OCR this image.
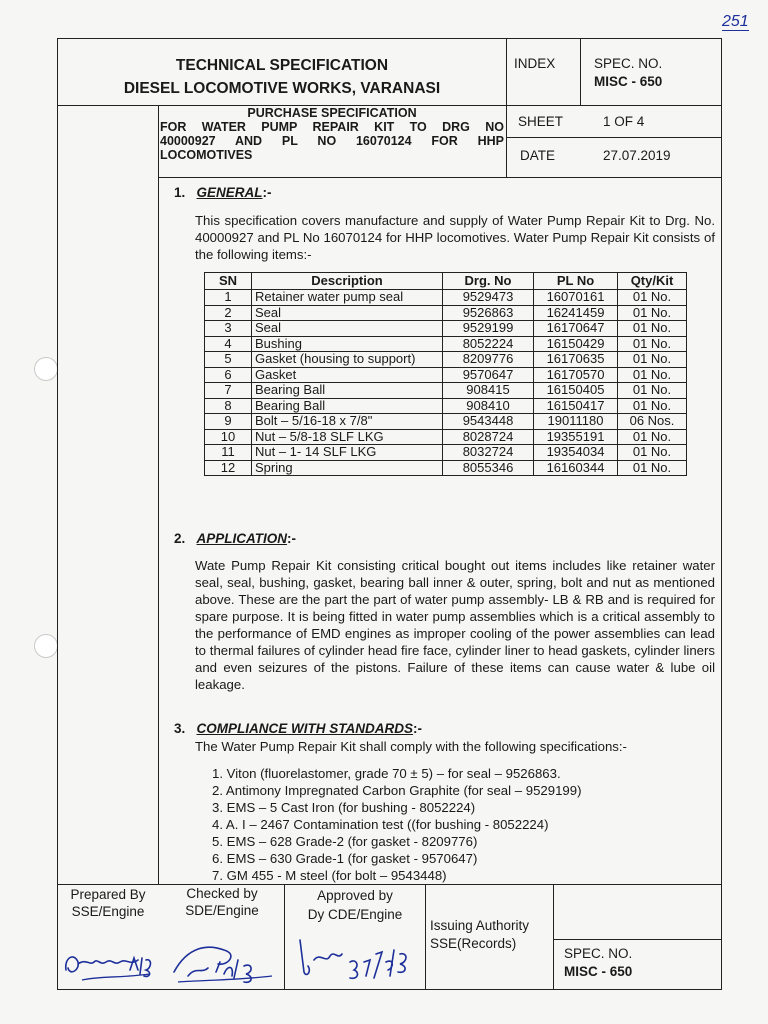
251
TECHNICAL SPECIFICATION
DIESEL LOCOMOTIVE WORKS, VARANASI
INDEX	SPEC. NO.
MISC - 650
PURCHASE SPECIFICATION
FOR WATER PUMP REPAIR KIT TO DRG NO
40000927 AND PL NO 16070124 FOR HHP
LOCOMOTIVES
SHEET	1 OF 4
DATE	27.07.2019
1. GENERAL:-
This specification covers manufacture and supply of Water Pump Repair Kit to Drg. No. 40000927 and PL No 16070124 for HHP locomotives. Water Pump Repair Kit consists of the following items:-
SN	Description	Drg. No	PL No	Qty/Kit
1	Retainer water pump seal	9529473	16070161	01 No.
2	Seal	9526863	16241459	01 No.
3	Seal	9529199	16170647	01 No.
4	Bushing	8052224	16150429	01 No.
5	Gasket (housing to support)	8209776	16170635	01 No.
6	Gasket	9570647	16170570	01 No.
7	Bearing Ball	908415	16150405	01 No.
8	Bearing Ball	908410	16150417	01 No.
9	Bolt – 5/16-18 x 7/8"	9543448	19011180	06 Nos.
10	Nut – 5/8-18 SLF LKG	8028724	19355191	01 No.
11	Nut – 1- 14 SLF LKG	8032724	19354034	01 No.
12	Spring	8055346	16160344	01 No.
2. APPLICATION:-
Wate Pump Repair Kit consisting critical bought out items includes like retainer water seal, seal, bushing, gasket, bearing ball inner & outer, spring, bolt and nut as mentioned above. These are the part the part of water pump assembly- LB & RB and is required for spare purpose. It is being fitted in water pump assemblies which is a critical assembly to the performance of EMD engines as improper cooling of the power assemblies can lead to thermal failures of cylinder head fire face, cylinder liner to head gaskets, cylinder liners and even seizures of the pistons. Failure of these items can cause water & lube oil leakage.
3. COMPLIANCE WITH STANDARDS:-
The Water Pump Repair Kit shall comply with the following specifications:-
1. Viton (fluorelastomer, grade 70 ± 5) – for seal – 9526863.
2. Antimony Impregnated Carbon Graphite (for seal – 9529199)
3. EMS – 5 Cast Iron (for bushing - 8052224)
4. A. I – 2467 Contamination test ((for bushing - 8052224)
5. EMS – 628 Grade-2 (for gasket - 8209776)
6. EMS – 630 Grade-1 (for gasket - 9570647)
7. GM 455 - M steel (for bolt – 9543448)
Prepared By
SSE/Engine
Checked by
SDE/Engine
Approved by
Dy CDE/Engine
Issuing Authority
SSE(Records)
SPEC. NO.
MISC - 650
